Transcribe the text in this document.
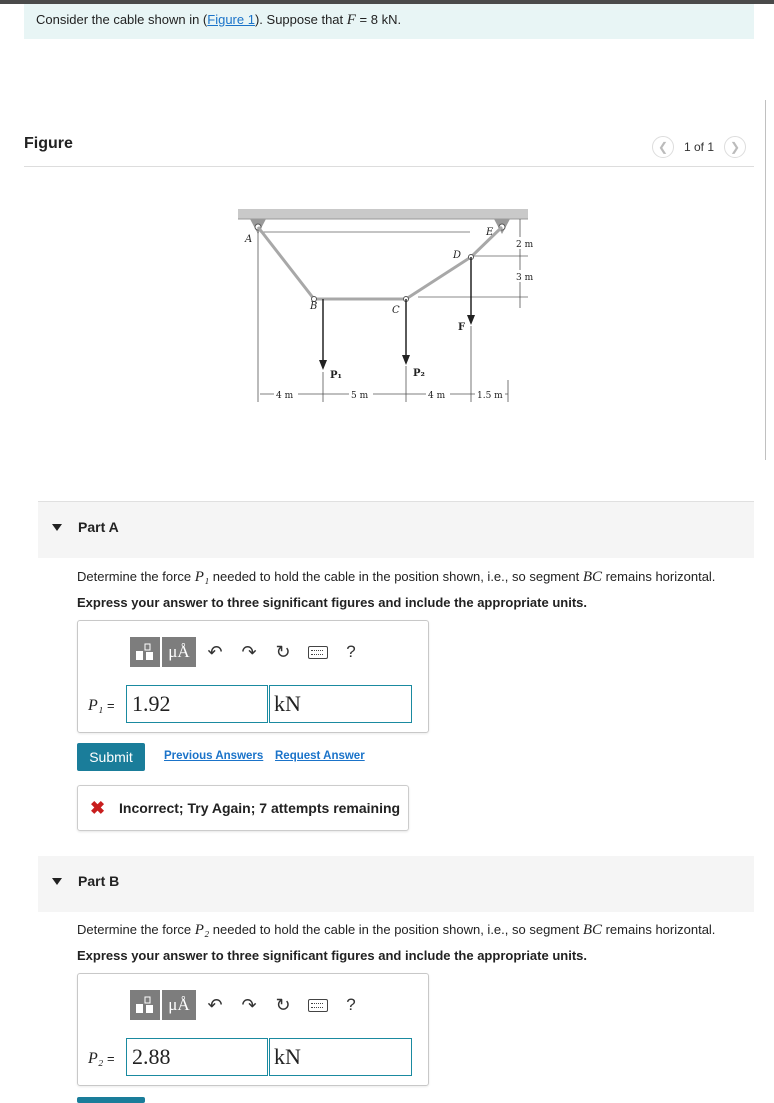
Consider the cable shown in (Figure 1). Suppose that F = 8 kN.
Figure	❮ 1 of 1 ❯
A
B	C
D
E
F
P₁	P₂
4 m	5 m	4 m	1.5 m
2 m
3 m
Part A
Determine the force P₁ needed to hold the cable in the position shown, i.e., so segment BC remains horizontal.
Express your answer to three significant figures and include the appropriate units.
μÅ ↶	↷	↻	?
P₁ = 1.92	kN
Submit	Previous Answers Request Answer
✖ Incorrect; Try Again; 7 attempts remaining
Part B
Determine the force P₂ needed to hold the cable in the position shown, i.e., so segment BC remains horizontal.
Express your answer to three significant figures and include the appropriate units.
μÅ ↶	↷	↻	?
P₂ = 2.88	kN
